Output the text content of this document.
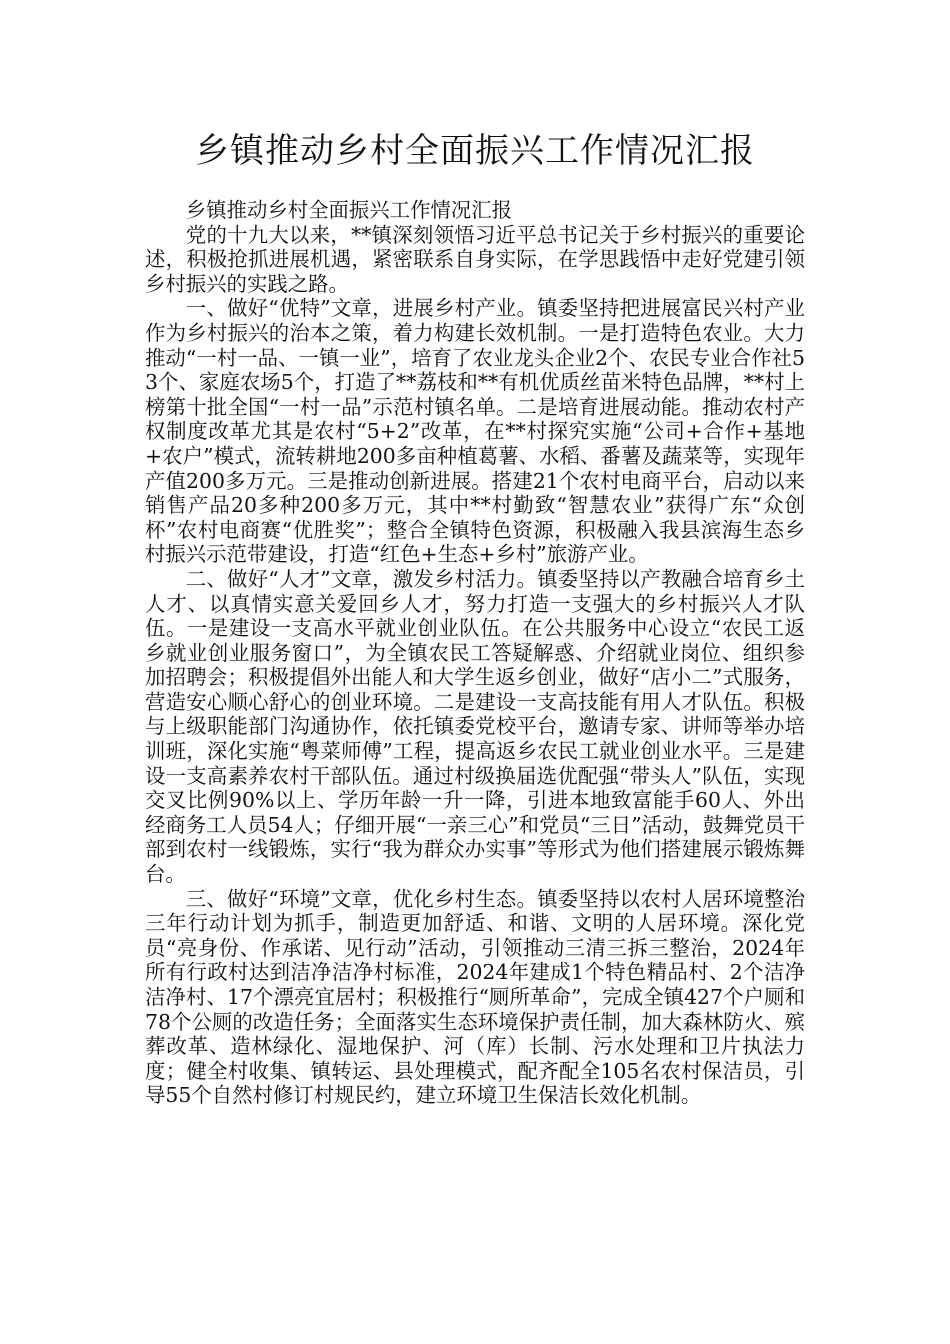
乡镇推动乡村全面振兴工作情况汇报

乡镇推动乡村全面振兴工作情况汇报

党的十九大以来，**镇深刻领悟习近平总书记关于乡村振兴的重要论述，积极抢抓进展机遇，紧密联系自身实际，在学思践悟中走好党建引领乡村振兴的实践之路。

一、做好“优特”文章，进展乡村产业。镇委坚持把进展富民兴村产业作为乡村振兴的治本之策，着力构建长效机制。一是打造特色农业。大力推动“一村一品、一镇一业”，培育了农业龙头企业2个、农民专业合作社53个、家庭农场5个，打造了**荔枝和**有机优质丝苗米特色品牌，**村上榜第十批全国“一村一品”示范村镇名单。二是培育进展动能。推动农村产权制度改革尤其是农村“5+2”改革，在**村探究实施“公司+合作+基地+农户”模式，流转耕地200多亩种植葛薯、水稻、番薯及蔬菜等，实现年产值200多万元。三是推动创新进展。搭建21个农村电商平台，启动以来销售产品20多种200多万元，其中**村勤致“智慧农业”获得广东“众创杯”农村电商赛“优胜奖”；整合全镇特色资源，积极融入我县滨海生态乡村振兴示范带建设，打造“红色+生态+乡村”旅游产业。

二、做好“人才”文章，激发乡村活力。镇委坚持以产教融合培育乡土人才、以真情实意关爱回乡人才，努力打造一支强大的乡村振兴人才队伍。一是建设一支高水平就业创业队伍。在公共服务中心设立“农民工返乡就业创业服务窗口”，为全镇农民工答疑解惑、介绍就业岗位、组织参加招聘会；积极提倡外出能人和大学生返乡创业，做好“店小二”式服务，营造安心顺心舒心的创业环境。二是建设一支高技能有用人才队伍。积极与上级职能部门沟通协作，依托镇委党校平台，邀请专家、讲师等举办培训班，深化实施“粤菜师傅”工程，提高返乡农民工就业创业水平。三是建设一支高素养农村干部队伍。通过村级换届选优配强“带头人”队伍，实现交叉比例90%以上、学历年龄一升一降，引进本地致富能手60人、外出经商务工人员54人；仔细开展“一亲三心”和党员“三日”活动，鼓舞党员干部到农村一线锻炼，实行“我为群众办实事”等形式为他们搭建展示锻炼舞台。

三、做好“环境”文章，优化乡村生态。镇委坚持以农村人居环境整治三年行动计划为抓手，制造更加舒适、和谐、文明的人居环境。深化党员“亮身份、作承诺、见行动”活动，引领推动三清三拆三整治，2024年所有行政村达到洁净洁净村标准，2024年建成1个特色精品村、2个洁净洁净村、17个漂亮宜居村；积极推行“厕所革命”，完成全镇427个户厕和78个公厕的改造任务；全面落实生态环境保护责任制，加大森林防火、殡葬改革、造林绿化、湿地保护、河（库）长制、污水处理和卫片执法力度；健全村收集、镇转运、县处理模式，配齐配全105名农村保洁员，引导55个自然村修订村规民约，建立环境卫生保洁长效化机制。
